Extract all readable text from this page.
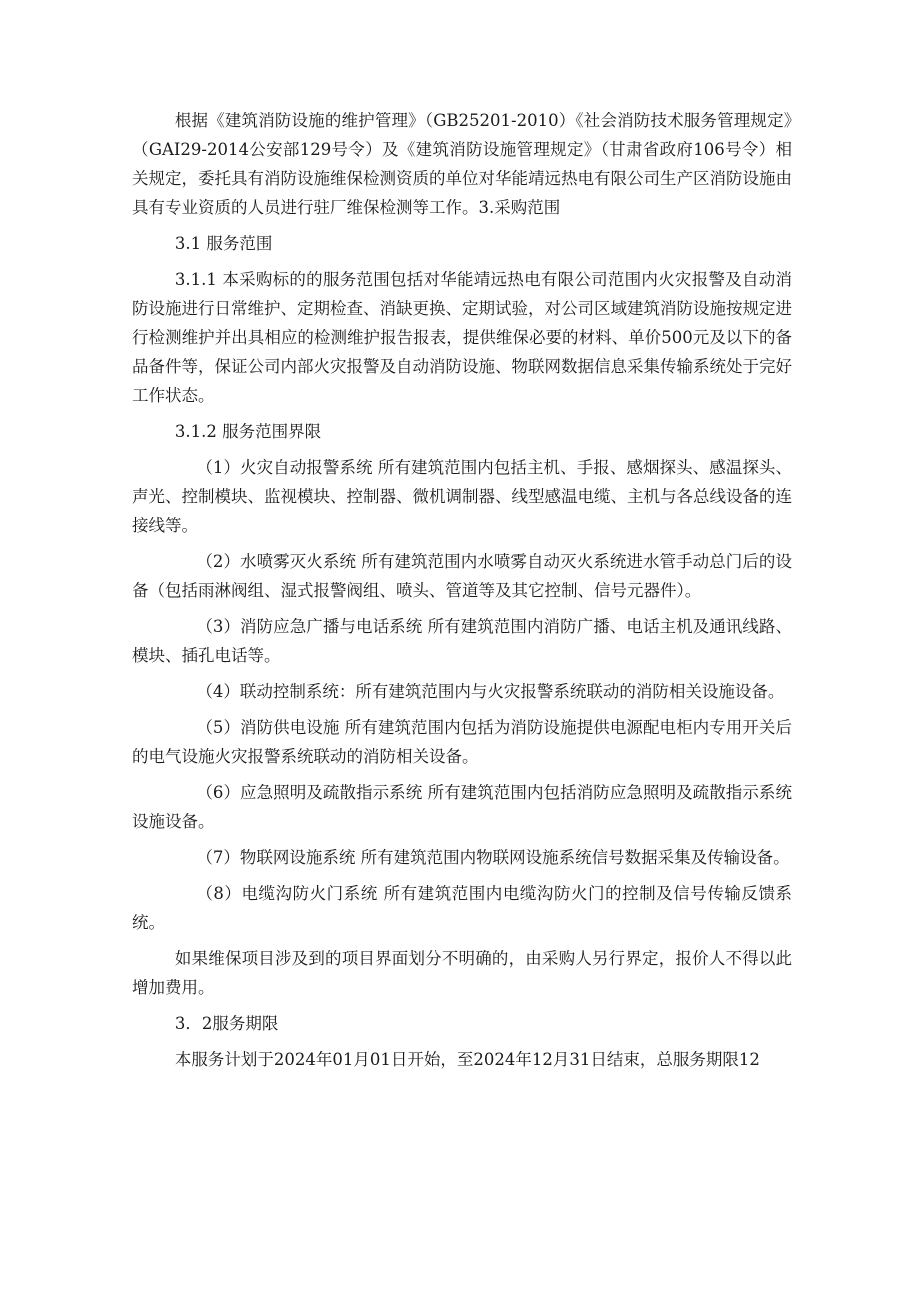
根据《建筑消防设施的维护管理》（GB25201-2010）《社会消防技术服务管理规定》（GAI29-2014公安部129号令）及《建筑消防设施管理规定》（甘肃省政府106号令）相关规定，委托具有消防设施维保检测资质的单位对华能靖远热电有限公司生产区消防设施由具有专业资质的人员进行驻厂维保检测等工作。3.采购范围

3.1 服务范围

3.1.1 本采购标的的服务范围包括对华能靖远热电有限公司范围内火灾报警及自动消防设施进行日常维护、定期检查、消缺更换、定期试验，对公司区域建筑消防设施按规定进行检测维护并出具相应的检测维护报告报表，提供维保必要的材料、单价500元及以下的备品备件等，保证公司内部火灾报警及自动消防设施、物联网数据信息采集传输系统处于完好工作状态。

3.1.2 服务范围界限

（1）火灾自动报警系统 所有建筑范围内包括主机、手报、感烟探头、感温探头、声光、控制模块、监视模块、控制器、微机调制器、线型感温电缆、主机与各总线设备的连接线等。

（2）水喷雾灭火系统 所有建筑范围内水喷雾自动灭火系统进水管手动总门后的设备（包括雨淋阀组、湿式报警阀组、喷头、管道等及其它控制、信号元器件）。

（3）消防应急广播与电话系统 所有建筑范围内消防广播、电话主机及通讯线路、模块、插孔电话等。

（4）联动控制系统：所有建筑范围内与火灾报警系统联动的消防相关设施设备。

（5）消防供电设施 所有建筑范围内包括为消防设施提供电源配电柜内专用开关后的电气设施火灾报警系统联动的消防相关设备。

（6）应急照明及疏散指示系统 所有建筑范围内包括消防应急照明及疏散指示系统设施设备。

（7）物联网设施系统 所有建筑范围内物联网设施系统信号数据采集及传输设备。

（8）电缆沟防火门系统 所有建筑范围内电缆沟防火门的控制及信号传输反馈系统。

如果维保项目涉及到的项目界面划分不明确的，由采购人另行界定，报价人不得以此增加费用。

3．2服务期限

本服务计划于2024年01月01日开始，至2024年12月31日结束，总服务期限12
